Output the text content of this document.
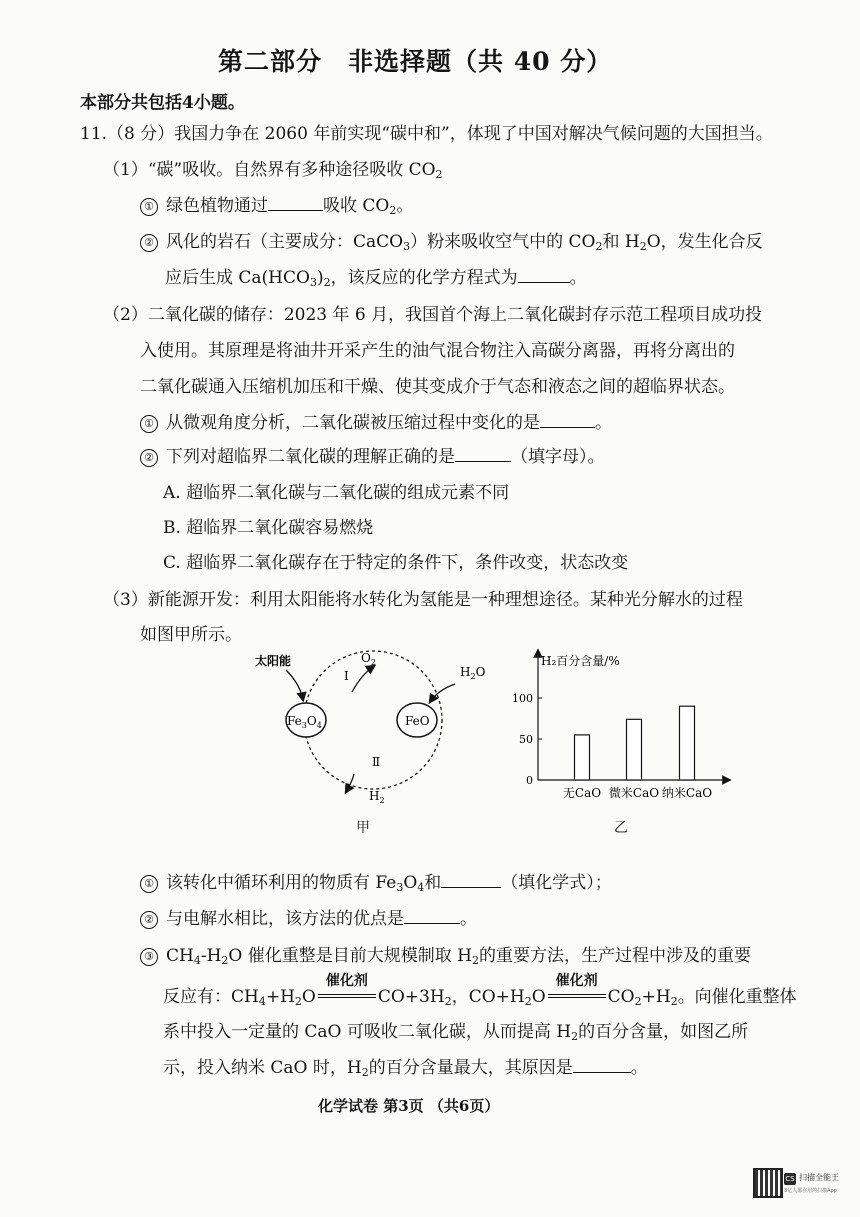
第二部分　非选择题（共 40 分）
本部分共包括4小题。
11.（8 分）我国力争在 2060 年前实现“碳中和”，体现了中国对解决气候问题的大国担当。
（1）“碳”吸收。自然界有多种途径吸收 $CO_2$
① 绿色植物通过	吸收 $CO_2$。
② 风化的岩石（主要成分：CaCO$_3$）粉来吸收空气中的 $CO_2$和 $H_2O$，发生化合反
应后生成 $Ca(HCO_3)_2$，该反应的化学方程式为	。
（2）二氧化碳的储存：2023 年 6 月，我国首个海上二氧化碳封存示范工程项目成功投
入使用。其原理是将油井开采产生的油气混合物注入高碳分离器，再将分离出的
二氧化碳通入压缩机加压和干燥、使其变成介于气态和液态之间的超临界状态。
① 从微观角度分析，二氧化碳被压缩过程中变化的是	。
② 下列对超临界二氧化碳的理解正确的是	（填字母）。
A. 超临界二氧化碳与二氧化碳的组成元素不同
B. 超临界二氧化碳容易燃烧
C. 超临界二氧化碳存在于特定的条件下，条件改变，状态改变
（3）新能源开发：利用太阳能将水转化为氢能是一种理想途径。某种光分解水的过程
如图甲所示。
$Fe_3O_4$	FeO
太阳能	$O_2$
$H_2O$
Ⅰ
Ⅱ
$H_2$
甲
H₂百分含量/%
0
50
100
无CaO 微米CaO 纳米CaO
乙
① 该转化中循环利用的物质有 $Fe_3O_4$和	（填化学式）；
② 与电解水相比，该方法的优点是	。
③ $CH_4-H_2O$ 催化重整是目前大规模制取 $H_2$的重要方法，生产过程中涉及的重要
反应有：$CH_4+H_2O$
催化剂
$CO+3H_2$，$CO+H_2O$
催化剂
$CO_2+H_2$。向催化重整体
系中投入一定量的 CaO 可吸收二氧化碳，从而提高 $H_2$的百分含量，如图乙所
示，投入纳米 CaO 时，$H_2$的百分含量最大，其原因是	。
化学试卷 第3页 （共6页）
CS 扫描全能王
3亿人都在用的扫描App
